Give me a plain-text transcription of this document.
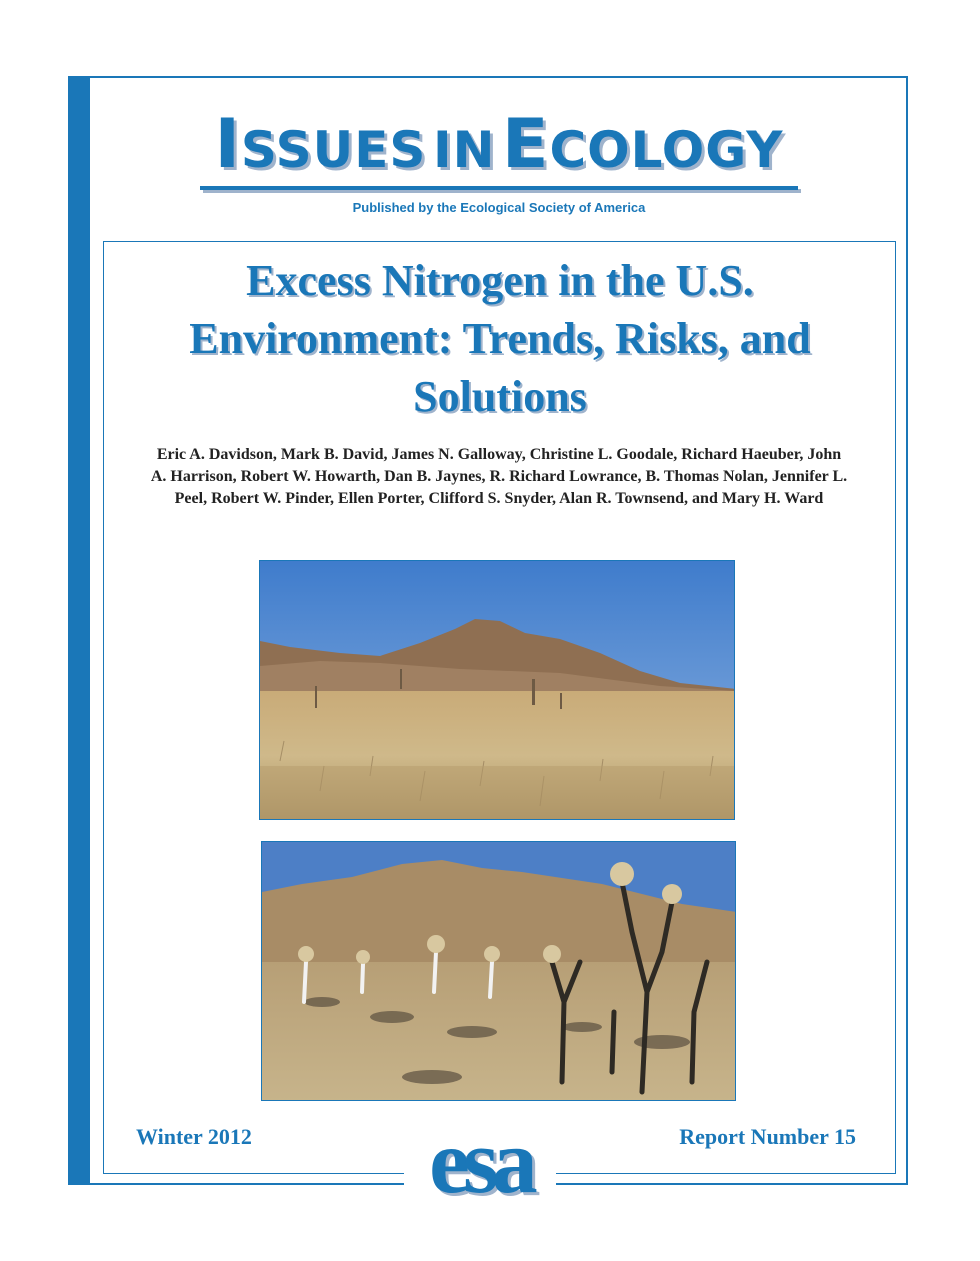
ISSUES IN ECOLOGY
Published by the Ecological Society of America
Excess Nitrogen in the U.S. Environment: Trends, Risks, and Solutions

Eric A. Davidson, Mark B. David, James N. Galloway, Christine L. Goodale, Richard Haeuber, John A. Harrison, Robert W. Howarth, Dan B. Jaynes, R. Richard Lowrance, B. Thomas Nolan, Jennifer L. Peel, Robert W. Pinder, Ellen Porter, Clifford S. Snyder, Alan R. Townsend, and Mary H. Ward

Winter 2012	Report Number 15
esa
